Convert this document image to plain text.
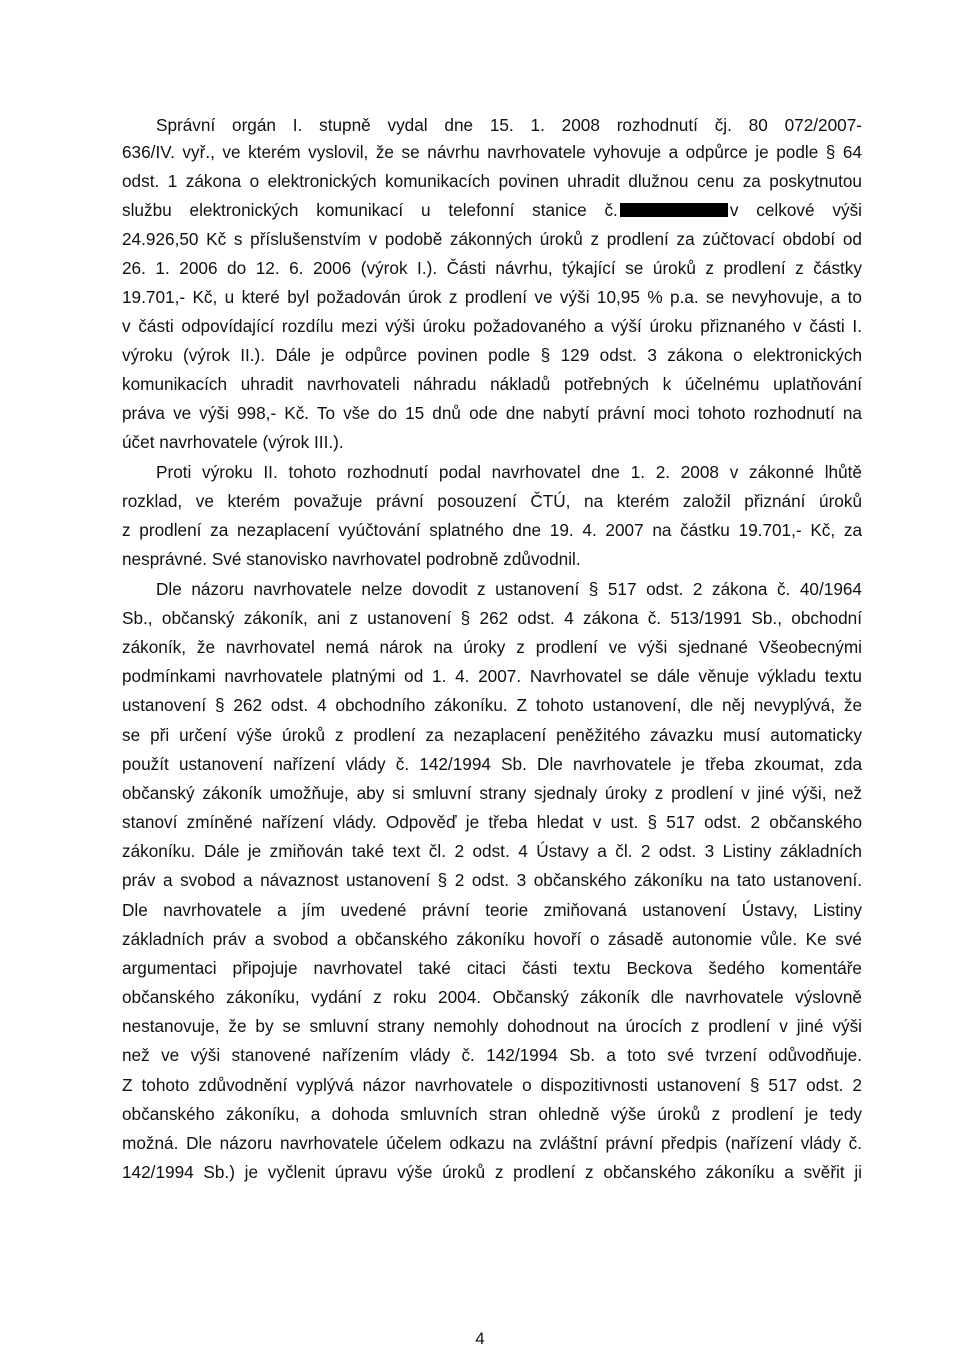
Správní orgán I. stupně vydal dne 15. 1. 2008 rozhodnutí čj. 80 072/2007-
636/IV. vyř., ve kterém vyslovil, že se návrhu navrhovatele vyhovuje a odpůrce je podle § 64
odst. 1 zákona o elektronických komunikacích povinen uhradit dlužnou cenu za poskytnutou
službu elektronických komunikací u telefonní stanice č.	v celkové výši
24.926,50 Kč s příslušenstvím v podobě zákonných úroků z prodlení za zúčtovací období od
26. 1. 2006 do 12. 6. 2006 (výrok I.). Části návrhu, týkající se úroků z prodlení z částky
19.701,- Kč, u které byl požadován úrok z prodlení ve výši 10,95 % p.a. se nevyhovuje, a to
v části odpovídající rozdílu mezi výši úroku požadovaného a výší úroku přiznaného v části I.
výroku (výrok II.). Dále je odpůrce povinen podle § 129 odst. 3 zákona o elektronických
komunikacích uhradit navrhovateli náhradu nákladů potřebných k účelnému uplatňování
práva ve výši 998,- Kč. To vše do 15 dnů ode dne nabytí právní moci tohoto rozhodnutí na
účet navrhovatele (výrok III.).
Proti výroku II. tohoto rozhodnutí podal navrhovatel dne 1. 2. 2008 v zákonné lhůtě
rozklad, ve kterém považuje právní posouzení ČTÚ, na kterém založil přiznání úroků
z prodlení za nezaplacení vyúčtování splatného dne 19. 4. 2007 na částku 19.701,- Kč, za
nesprávné. Své stanovisko navrhovatel podrobně zdůvodnil.
Dle názoru navrhovatele nelze dovodit z ustanovení § 517 odst. 2 zákona č. 40/1964
Sb., občanský zákoník, ani z ustanovení § 262 odst. 4 zákona č. 513/1991 Sb., obchodní
zákoník, že navrhovatel nemá nárok na úroky z prodlení ve výši sjednané Všeobecnými
podmínkami navrhovatele platnými od 1. 4. 2007. Navrhovatel se dále věnuje výkladu textu
ustanovení § 262 odst. 4 obchodního zákoníku. Z tohoto ustanovení, dle něj nevyplývá, že
se při určení výše úroků z prodlení za nezaplacení peněžitého závazku musí automaticky
použít ustanovení nařízení vlády č. 142/1994 Sb. Dle navrhovatele je třeba zkoumat, zda
občanský zákoník umožňuje, aby si smluvní strany sjednaly úroky z prodlení v jiné výši, než
stanoví zmíněné nařízení vlády. Odpověď je třeba hledat v ust. § 517 odst. 2 občanského
zákoníku. Dále je zmiňován také text čl. 2 odst. 4 Ústavy a čl. 2 odst. 3 Listiny základních
práv a svobod a návaznost ustanovení § 2 odst. 3 občanského zákoníku na tato ustanovení.
Dle navrhovatele a jím uvedené právní teorie zmiňovaná ustanovení Ústavy, Listiny
základních práv a svobod a občanského zákoníku hovoří o zásadě autonomie vůle. Ke své
argumentaci připojuje navrhovatel také citaci části textu Beckova šedého komentáře
občanského zákoníku, vydání z roku 2004. Občanský zákoník dle navrhovatele výslovně
nestanovuje, že by se smluvní strany nemohly dohodnout na úrocích z prodlení v jiné výši
než ve výši stanovené nařízením vlády č. 142/1994 Sb. a toto své tvrzení odůvodňuje.
Z tohoto zdůvodnění vyplývá názor navrhovatele o dispozitivnosti ustanovení § 517 odst. 2
občanského zákoníku, a dohoda smluvních stran ohledně výše úroků z prodlení je tedy
možná. Dle názoru navrhovatele účelem odkazu na zvláštní právní předpis (nařízení vlády č.
142/1994 Sb.) je vyčlenit úpravu výše úroků z prodlení z občanského zákoníku a svěřit ji
4
